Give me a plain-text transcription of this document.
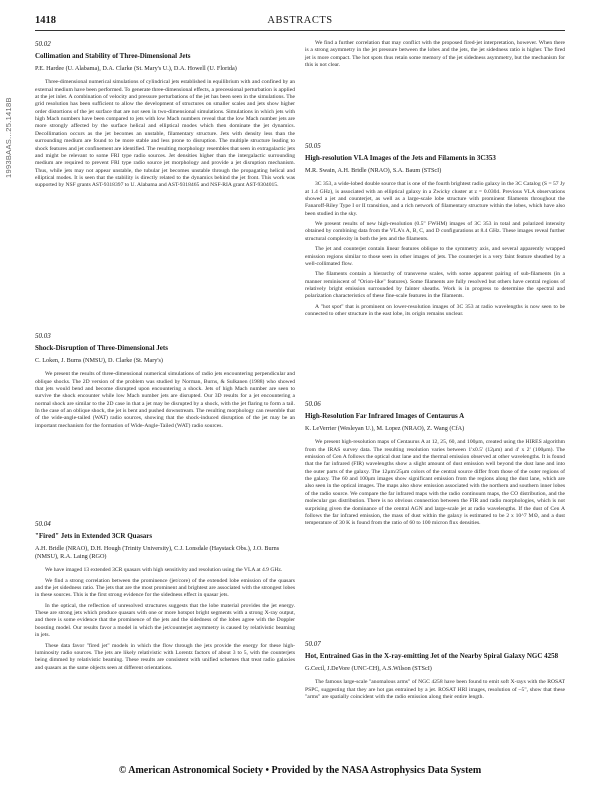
1418	ABSTRACTS
1993BAAS...25.1418B
50.02
Collimation and Stability of Three-Dimensional Jets
P.E. Hardee (U. Alabama), D.A. Clarke (St. Mary's U.), D.A. Howell (U. Florida)

Three-dimensional numerical simulations of cylindrical jets established in equilibrium with and confined by an external medium have been performed. To generate three-dimensional effects, a precessional perturbation is applied at the jet inlet. A combination of velocity and pressure perturbations of the jet has been seen in the simulations. The grid resolution has been sufficient to allow the development of structures on smaller scales and jets show higher order distortions of the jet surface that are not seen in two-dimensional simulations. Simulations in which jets with high Mach numbers have been compared to jets with low Mach numbers reveal that the low Mach number jets are more strongly affected by the surface helical and elliptical modes which then dominate the jet dynamics. Decollimation occurs as the jet becomes an unstable, filamentary structure. Jets with density less than the surrounding medium are found to be more stable and less prone to disruption. The multiple structure leading to shock features and jet confinement are identified. The resulting morphology resembles that seen in extragalactic jets and might be relevant to some FRI type radio sources. Jet densities higher than the intergalactic surrounding medium are required to prevent FRI type radio source jet morphology and provide a jet disruption mechanism. Thus, while jets may not appear unstable, the tubular jet becomes unstable through the propagating helical and elliptical modes. It is seen that the stability is directly related to the dynamics behind the jet front. This work was supported by NSF grants AST-9318397 to U. Alabama and AST-9318465 and NSF-RIA grant AST-9304015.

50.03
Shock-Disruption of Three-Dimensional Jets
C. Loken, J. Burns (NMSU), D. Clarke (St. Mary's)

We present the results of three-dimensional numerical simulations of radio jets encountering perpendicular and oblique shocks. The 2D version of the problem was studied by Norman, Burns, & Sulkanen (1988) who showed that jets would bend and become disrupted upon encountering a shock. Jets of high Mach number are seen to survive the shock encounter while low Mach number jets are disrupted. Our 3D results for a jet encountering a normal shock are similar to the 2D case in that a jet may be disrupted by a shock, with the jet flaring to form a tail. In the case of an oblique shock, the jet is bent and pushed downstream. The resulting morphology can resemble that of the wide-angle-tailed (WAT) radio sources, showing that the shock-induced disruption of the jet may be an important mechanism for the formation of Wide-Angle-Tailed (WAT) radio sources.

50.04
"Fired" Jets in Extended 3CR Quasars
A.H. Bridle (NRAO), D.H. Hough (Trinity University), C.J. Lonsdale (Haystack Obs.), J.O. Burns (NMSU), R.A. Laing (RGO)

We have imaged 13 extended 3CR quasars with high sensitivity and resolution using the VLA at 4.9 GHz.

We find a strong correlation between the prominence (jet/core) of the extended lobe emission of the quasars and the jet sidedness ratio. The jets that are the most prominent and brightest are associated with the strongest lobes in these sources. This is the first strong evidence for the sidedness effect in quasar jets.

In the optical, the reflection of unresolved structures suggests that the lobe material provides the jet energy. These are strong jets which produce quasars with one or more hotspot bright segments with a strong X-ray output, and there is some evidence that the prominence of the jets and the sidedness of the lobes agree with the Doppler boosting model. Our results favor a model in which the jet/counterjet asymmetry is caused by relativistic beaming in jets.

These data favor "fired jet" models in which the flow through the jets provide the energy for these high-luminosity radio sources. The jets are likely relativistic with Lorentz factors of about 3 to 5, with the counterjets being dimmed by relativistic beaming. These results are consistent with unified schemes that treat radio galaxies and quasars as the same objects seen at different orientations.

We find a further correlation that may conflict with the proposed fired-jet interpretation, however. When there is a strong asymmetry in the jet pressure between the lobes and the jets, the jet sidedness ratio is higher. The fired jet is more compact. The hot spots thus retain some memory of the jet sidedness asymmetry, but the mechanism for this is not clear.

50.05
High-resolution VLA Images of the Jets and Filaments in 3C353
M.R. Swain, A.H. Bridle (NRAO), S.A. Baum (STScI)

3C 353, a wide-lobed double source that is one of the fourth brightest radio galaxy in the 3C Catalog (S = 57 Jy at 1.4 GHz), is associated with an elliptical galaxy in a Zwicky cluster at z = 0.0304. Previous VLA observations showed a jet and counterjet, as well as a large-scale lobe structure with prominent filaments throughout the Fanaroff-Riley Type I or II transition, and a rich network of filamentary structure within the lobes, which have also been studied in the sky.

We present results of new high-resolution (0.5" FWHM) images of 3C 353 in total and polarized intensity obtained by combining data from the VLA's A, B, C, and D configurations at 8.4 GHz. These images reveal further structural complexity in both the jets and the filaments.

The jet and counterjet contain linear features oblique to the symmetry axis, and several apparently wrapped emission regions similar to those seen in other images of jets. The counterjet is a very faint feature sheathed by a well-collimated flow.

The filaments contain a hierarchy of transverse scales, with some apparent pairing of sub-filaments (in a manner reminiscent of "Orion-like" features). Some filaments are fully resolved but others have central regions of relatively bright emission surrounded by fainter sheaths. Work is in progress to determine the spectral and polarization characteristics of these fine-scale features in the filaments.

A "hot spot" that is prominent on lower-resolution images of 3C 353 at radio wavelengths is now seen to be connected to other structure in the east lobe, its origin remains unclear.

50.06
High-Resolution Far Infrared Images of Centaurus A
K. LeVerrier (Wesleyan U.), M. Lopez (NRAO), Z. Wang (CfA)

We present high-resolution maps of Centaurus A at 12, 25, 60, and 100μm, created using the HIRES algorithm from the IRAS survey data. The resulting resolution varies between 1'x0.5' (12μm) and 4' x 2' (100μm). The emission of Cen A follows the optical dust lane and the thermal emission observed at other wavelengths. It is found that the far infrared (FIR) wavelengths show a slight amount of dust emission well beyond the dust lane and into the outer parts of the galaxy. The 12μm/25μm colors of the central source differ from those of the outer regions of the galaxy. The 60 and 100μm images show significant emission from the regions along the dust lane, which are also seen in the optical images. The maps also show emission associated with the northern and southern inner lobes of the radio source. We compare the far infrared maps with the radio continuum maps, the CO distribution, and the molecular gas distribution. There is no obvious connection between the FIR and radio morphologies, which is not surprising given the dominance of the central AGN and large-scale jet at radio wavelengths. If the dust of Cen A follows the far infrared emission, the mass of dust within the galaxy is estimated to be 2 x 10^7 M⊙, and a dust temperature of 30 K is found from the ratio of 60 to 100 micron flux densities.

50.07
Hot, Entrained Gas in the X-ray-emitting Jet of the Nearby Spiral Galaxy NGC 4258
G.Cecil, J.DeVore (UNC-CH), A.S.Wilson (STScI)

The famous large-scale "anomalous arms" of NGC 4258 have been found to emit soft X-rays with the ROSAT PSPC, suggesting that they are hot gas entrained by a jet. ROSAT HRI images, resolution of ~5", show that these "arms" are spatially coincident with the radio emission along their entire length.

© American Astronomical Society • Provided by the NASA Astrophysics Data System
